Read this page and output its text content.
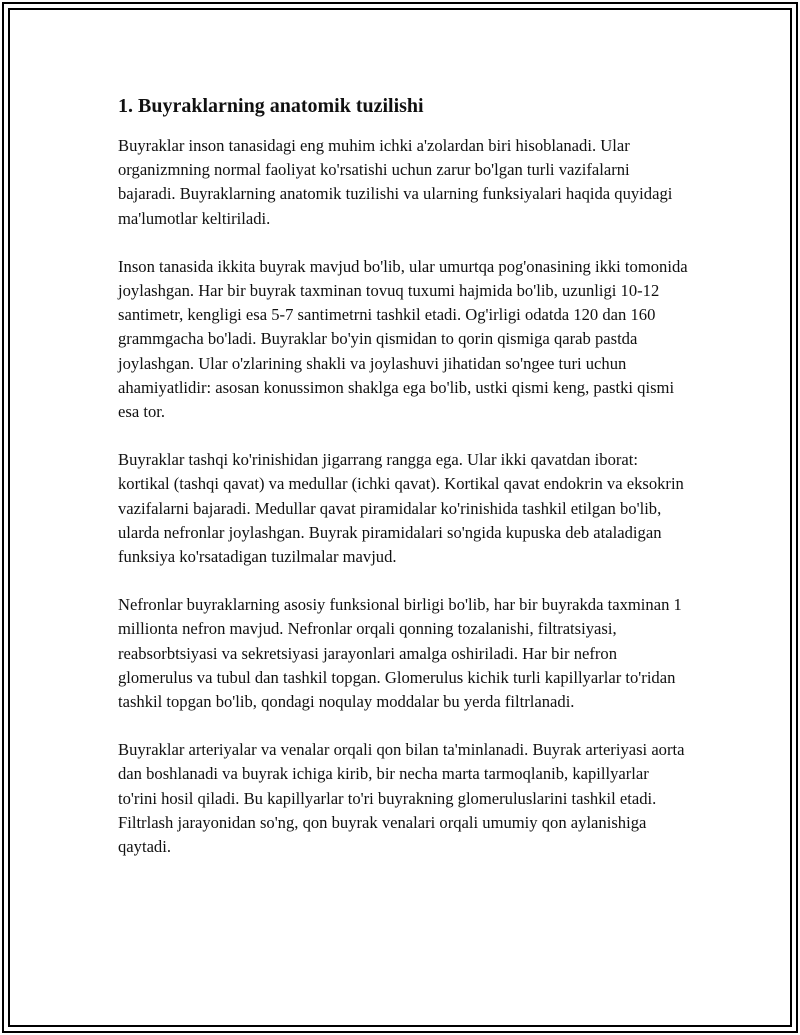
1. Buyraklarning anatomik tuzilishi

Buyraklar inson tanasidagi eng muhim ichki a'zolardan biri hisoblanadi. Ular organizmning normal faoliyat ko'rsatishi uchun zarur bo'lgan turli vazifalarni bajaradi. Buyraklarning anatomik tuzilishi va ularning funksiyalari haqida quyidagi ma'lumotlar keltiriladi.

Inson tanasida ikkita buyrak mavjud bo'lib, ular umurtqa pog'onasining ikki tomonida joylashgan. Har bir buyrak taxminan tovuq tuxumi hajmida bo'lib, uzunligi 10-12 santimetr, kengligi esa 5-7 santimetrni tashkil etadi. Og'irligi odatda 120 dan 160 grammgacha bo'ladi. Buyraklar bo'yin qismidan to qorin qismiga qarab pastda joylashgan. Ular o'zlarining shakli va joylashuvi jihatidan so'ngee turi uchun ahamiyatlidir: asosan konussimon shaklga ega bo'lib, ustki qismi keng, pastki qismi esa tor.

Buyraklar tashqi ko'rinishidan jigarrang rangga ega. Ular ikki qavatdan iborat: kortikal (tashqi qavat) va medullar (ichki qavat). Kortikal qavat endokrin va eksokrin vazifalarni bajaradi. Medullar qavat piramidalar ko'rinishida tashkil etilgan bo'lib, ularda nefronlar joylashgan. Buyrak piramidalari so'ngida kupuska deb ataladigan funksiya ko'rsatadigan tuzilmalar mavjud.

Nefronlar buyraklarning asosiy funksional birligi bo'lib, har bir buyrakda taxminan 1 millionta nefron mavjud. Nefronlar orqali qonning tozalanishi, filtratsiyasi, reabsorbtsiyasi va sekretsiyasi jarayonlari amalga oshiriladi. Har bir nefron glomerulus va tubul dan tashkil topgan. Glomerulus kichik turli kapillyarlar to'ridan tashkil topgan bo'lib, qondagi noqulay moddalar bu yerda filtrlanadi.

Buyraklar arteriyalar va venalar orqali qon bilan ta'minlanadi. Buyrak arteriyasi aorta dan boshlanadi va buyrak ichiga kirib, bir necha marta tarmoqlanib, kapillyarlar to'rini hosil qiladi. Bu kapillyarlar to'ri buyrakning glomeruluslarini tashkil etadi. Filtrlash jarayonidan so'ng, qon buyrak venalari orqali umumiy qon aylanishiga qaytadi.
